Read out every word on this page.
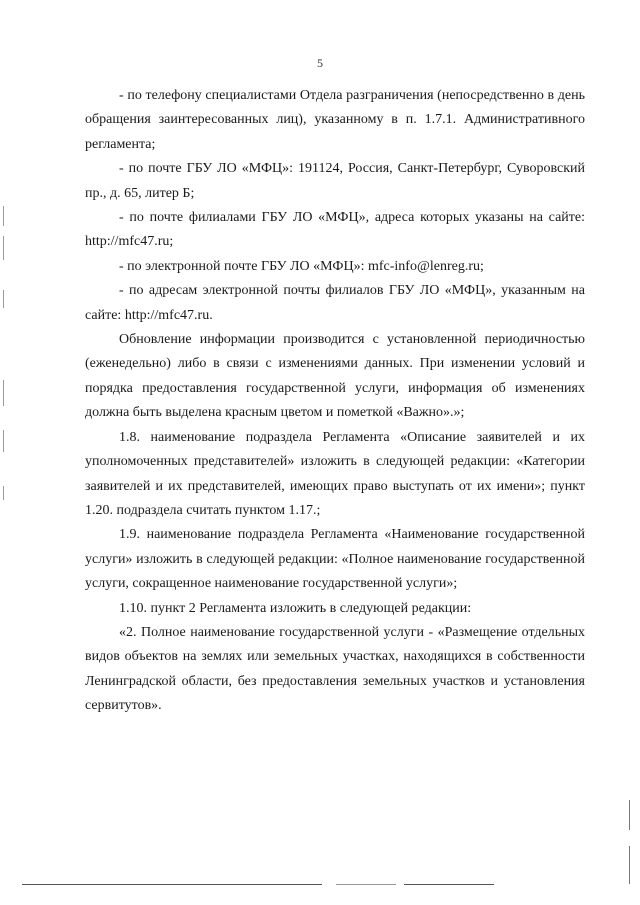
5

- по телефону специалистами Отдела разграничения (непосредственно в день обращения заинтересованных лиц), указанному в п. 1.7.1. Административного регламента;

- по почте ГБУ ЛО «МФЦ»: 191124, Россия, Санкт-Петербург, Суворовский пр., д. 65, литер Б;

- по почте филиалами ГБУ ЛО «МФЦ», адреса которых указаны на сайте: http://mfc47.ru;

- по электронной почте ГБУ ЛО «МФЦ»: mfc-info@lenreg.ru;

- по адресам электронной почты филиалов ГБУ ЛО «МФЦ», указанным на сайте: http://mfc47.ru.

Обновление информации производится с установленной периодичностью (еженедельно) либо в связи с изменениями данных. При изменении условий и порядка предоставления государственной услуги, информация об изменениях должна быть выделена красным цветом и пометкой «Важно».»;

1.8. наименование подраздела Регламента «Описание заявителей и их уполномоченных представителей» изложить в следующей редакции: «Категории заявителей и их представителей, имеющих право выступать от их имени»; пункт 1.20. подраздела считать пунктом 1.17.;

1.9. наименование подраздела Регламента «Наименование государственной услуги» изложить в следующей редакции: «Полное наименование государственной услуги, сокращенное наименование государственной услуги»;

1.10. пункт 2 Регламента изложить в следующей редакции:

«2. Полное наименование государственной услуги - «Размещение отдельных видов объектов на землях или земельных участках, находящихся в собственности Ленинградской области, без предоставления земельных участков и установления сервитутов».
